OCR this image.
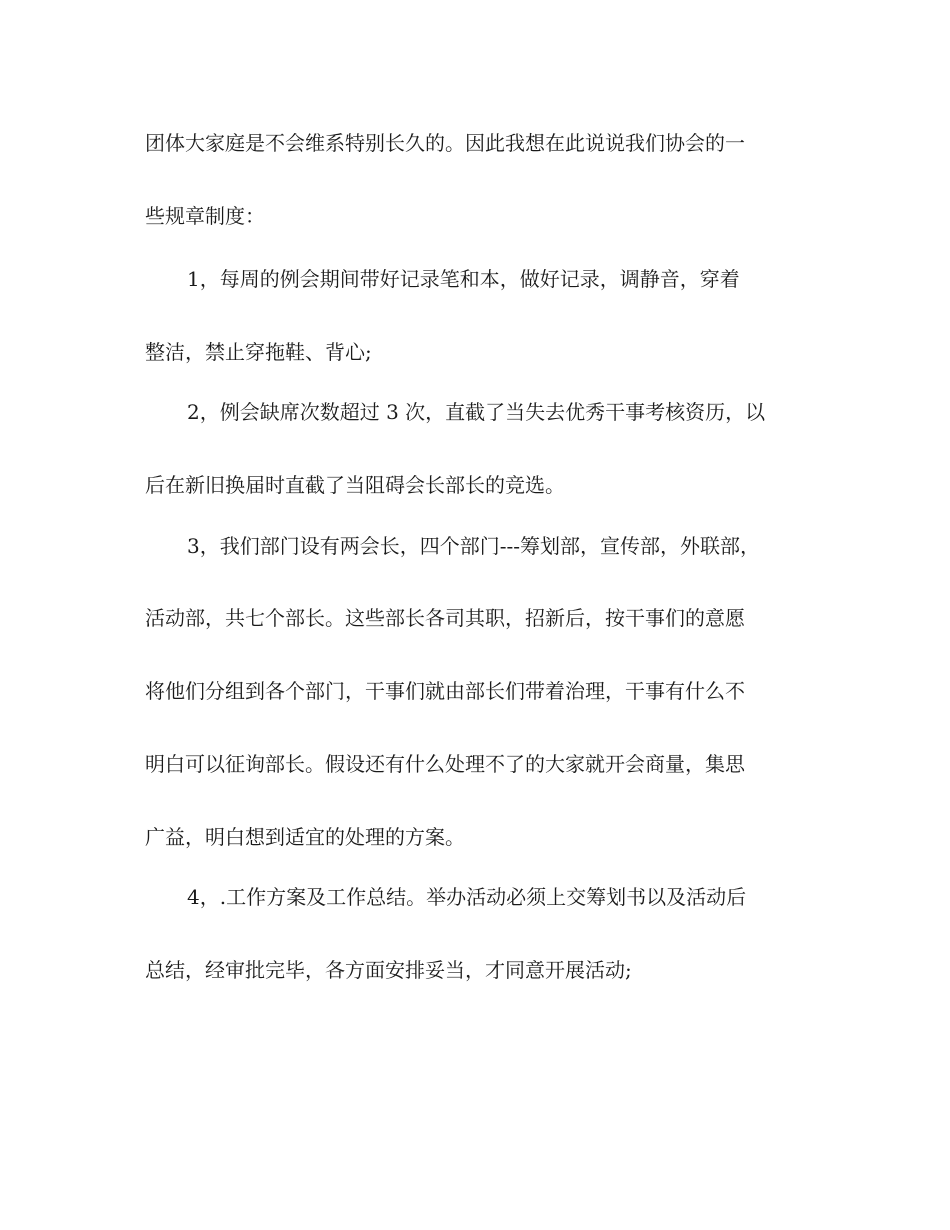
团体大家庭是不会维系特别长久的。因此我想在此说说我们协会的一
些规章制度：
1，每周的例会期间带好记录笔和本，做好记录，调静音，穿着
整洁，禁止穿拖鞋、背心;
2，例会缺席次数超过 3 次，直截了当失去优秀干事考核资历，以
后在新旧换届时直截了当阻碍会长部长的竞选。
3，我们部门设有两会长，四个部门---筹划部，宣传部，外联部，
活动部，共七个部长。这些部长各司其职，招新后，按干事们的意愿
将他们分组到各个部门，干事们就由部长们带着治理，干事有什么不
明白可以征询部长。假设还有什么处理不了的大家就开会商量，集思
广益，明白想到适宜的处理的方案。
4，.工作方案及工作总结。举办活动必须上交筹划书以及活动后
总结，经审批完毕，各方面安排妥当，才同意开展活动;
